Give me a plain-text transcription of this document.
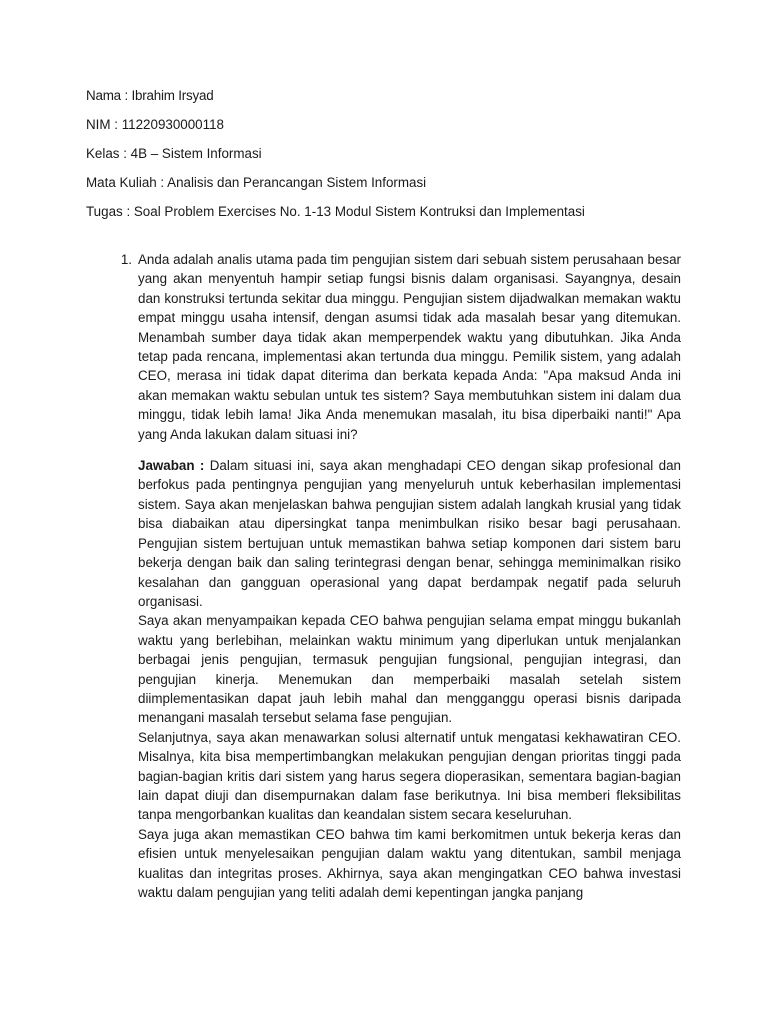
Nama : Ibrahim Irsyad
NIM : 11220930000118
Kelas : 4B – Sistem Informasi
Mata Kuliah : Analisis dan Perancangan Sistem Informasi
Tugas : Soal Problem Exercises No. 1-13 Modul Sistem Kontruksi dan Implementasi
1. Anda adalah analis utama pada tim pengujian sistem dari sebuah sistem perusahaan besar yang akan menyentuh hampir setiap fungsi bisnis dalam organisasi. Sayangnya, desain dan konstruksi tertunda sekitar dua minggu. Pengujian sistem dijadwalkan memakan waktu empat minggu usaha intensif, dengan asumsi tidak ada masalah besar yang ditemukan. Menambah sumber daya tidak akan memperpendek waktu yang dibutuhkan. Jika Anda tetap pada rencana, implementasi akan tertunda dua minggu. Pemilik sistem, yang adalah CEO, merasa ini tidak dapat diterima dan berkata kepada Anda: "Apa maksud Anda ini akan memakan waktu sebulan untuk tes sistem? Saya membutuhkan sistem ini dalam dua minggu, tidak lebih lama! Jika Anda menemukan masalah, itu bisa diperbaiki nanti!" Apa yang Anda lakukan dalam situasi ini?

Jawaban : Dalam situasi ini, saya akan menghadapi CEO dengan sikap profesional dan berfokus pada pentingnya pengujian yang menyeluruh untuk keberhasilan implementasi sistem. Saya akan menjelaskan bahwa pengujian sistem adalah langkah krusial yang tidak bisa diabaikan atau dipersingkat tanpa menimbulkan risiko besar bagi perusahaan. Pengujian sistem bertujuan untuk memastikan bahwa setiap komponen dari sistem baru bekerja dengan baik dan saling terintegrasi dengan benar, sehingga meminimalkan risiko kesalahan dan gangguan operasional yang dapat berdampak negatif pada seluruh organisasi.

Saya akan menyampaikan kepada CEO bahwa pengujian selama empat minggu bukanlah waktu yang berlebihan, melainkan waktu minimum yang diperlukan untuk menjalankan berbagai jenis pengujian, termasuk pengujian fungsional, pengujian integrasi, dan pengujian kinerja. Menemukan dan memperbaiki masalah setelah sistem diimplementasikan dapat jauh lebih mahal dan mengganggu operasi bisnis daripada menangani masalah tersebut selama fase pengujian.

Selanjutnya, saya akan menawarkan solusi alternatif untuk mengatasi kekhawatiran CEO. Misalnya, kita bisa mempertimbangkan melakukan pengujian dengan prioritas tinggi pada bagian-bagian kritis dari sistem yang harus segera dioperasikan, sementara bagian-bagian lain dapat diuji dan disempurnakan dalam fase berikutnya. Ini bisa memberi fleksibilitas tanpa mengorbankan kualitas dan keandalan sistem secara keseluruhan.

Saya juga akan memastikan CEO bahwa tim kami berkomitmen untuk bekerja keras dan efisien untuk menyelesaikan pengujian dalam waktu yang ditentukan, sambil menjaga kualitas dan integritas proses. Akhirnya, saya akan mengingatkan CEO bahwa investasi waktu dalam pengujian yang teliti adalah demi kepentingan jangka panjang
